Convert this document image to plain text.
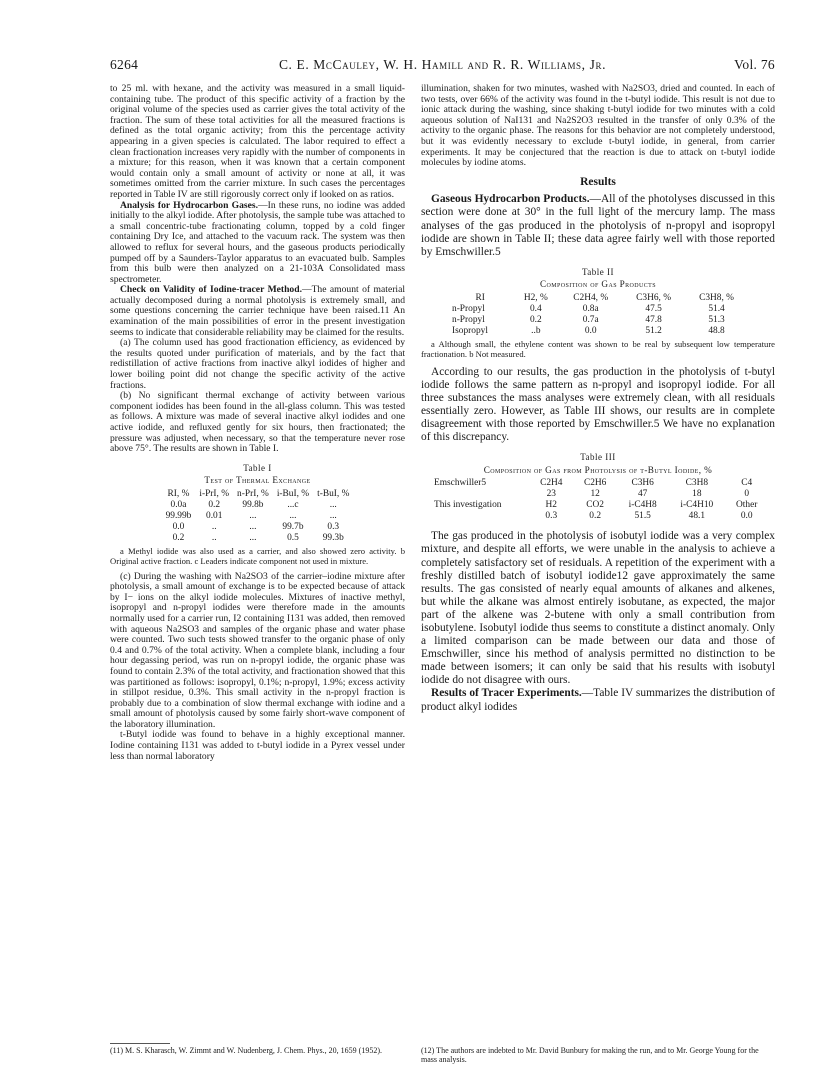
6264	C. E. McCauley, W. H. Hamill and R. R. Williams, Jr.	Vol. 76

to 25 ml. with hexane, and the activity was measured in a small liquid-containing tube. The product of this specific activity of a fraction by the original volume of the species used as carrier gives the total activity of the fraction. The sum of these total activities for all the measured fractions is defined as the total organic activity; from this the percentage activity appearing in a given species is calculated. The labor required to effect a clean fractionation increases very rapidly with the number of components in a mixture; for this reason, when it was known that a certain component would contain only a small amount of activity or none at all, it was sometimes omitted from the carrier mixture. In such cases the percentages reported in Table IV are still rigorously correct only if looked on as ratios.

Analysis for Hydrocarbon Gases.—In these runs, no iodine was added initially to the alkyl iodide. After photolysis, the sample tube was attached to a small concentric-tube fractionating column, topped by a cold finger containing Dry Ice, and attached to the vacuum rack. The system was then allowed to reflux for several hours, and the gaseous products periodically pumped off by a Saunders-Taylor apparatus to an evacuated bulb. Samples from this bulb were then analyzed on a 21-103A Consolidated mass spectrometer.

Check on Validity of Iodine-tracer Method.—The amount of material actually decomposed during a normal photolysis is extremely small, and some questions concerning the carrier technique have been raised.11 An examination of the main possibilities of error in the present investigation seems to indicate that considerable reliability may be claimed for the results.

(a) The column used has good fractionation efficiency, as evidenced by the results quoted under purification of materials, and by the fact that redistillation of active fractions from inactive alkyl iodides of higher and lower boiling point did not change the specific activity of the active fractions.

(b) No significant thermal exchange of activity between various component iodides has been found in the all-glass column. This was tested as follows. A mixture was made of several inactive alkyl iodides and one active iodide, and refluxed gently for six hours, then fractionated; the pressure was adjusted, when necessary, so that the temperature never rose above 75°. The results are shown in Table I.

Table I
Test of Thermal Exchange
RI, %	i-PrI, %	n-PrI, %	i-BuI, %	t-BuI, %
0.0a	0.2	99.8b	...c	...
99.99b	0.01	...	...	...
0.0	..	...	99.7b	0.3
0.2	..	...	0.5	99.3b
a Methyl iodide was also used as a carrier, and also showed zero activity. b Original active fraction. c Leaders indicate component not used in mixture.

(c) During the washing with Na2SO3 of the carrier–iodine mixture after photolysis, a small amount of exchange is to be expected because of attack by I− ions on the alkyl iodide molecules. Mixtures of inactive methyl, isopropyl and n-propyl iodides were therefore made in the amounts normally used for a carrier run, I2 containing I131 was added, then removed with aqueous Na2SO3 and samples of the organic phase and water phase were counted. Two such tests showed transfer to the organic phase of only 0.4 and 0.7% of the total activity. When a complete blank, including a four hour degassing period, was run on n-propyl iodide, the organic phase was found to contain 2.3% of the total activity, and fractionation showed that this was partitioned as follows: isopropyl, 0.1%; n-propyl, 1.9%; excess activity in stillpot residue, 0.3%. This small activity in the n-propyl fraction is probably due to a combination of slow thermal exchange with iodine and a small amount of photolysis caused by some fairly short-wave component of the laboratory illumination.

t-Butyl iodide was found to behave in a highly exceptional manner. Iodine containing I131 was added to t-butyl iodide in a Pyrex vessel under less than normal laboratory

illumination, shaken for two minutes, washed with Na2SO3, dried and counted. In each of two tests, over 66% of the activity was found in the t-butyl iodide. This result is not due to ionic attack during the washing, since shaking t-butyl iodide for two minutes with a cold aqueous solution of NaI131 and Na2S2O3 resulted in the transfer of only 0.3% of the activity to the organic phase. The reasons for this behavior are not completely understood, but it was evidently necessary to exclude t-butyl iodide, in general, from carrier experiments. It may be conjectured that the reaction is due to attack on t-butyl iodide molecules by iodine atoms.

Results

Gaseous Hydrocarbon Products.—All of the photolyses discussed in this section were done at 30° in the full light of the mercury lamp. The mass analyses of the gas produced in the photolysis of n-propyl and isopropyl iodide are shown in Table II; these data agree fairly well with those reported by Emschwiller.5

Table II
Composition of Gas Products
RI	H2, %	C2H4, %	C3H6, %	C3H8, %
n-Propyl	0.4	0.8a	47.5	51.4
n-Propyl	0.2	0.7a	47.8	51.3
Isopropyl	..b	0.0	51.2	48.8
a Although small, the ethylene content was shown to be real by subsequent low temperature fractionation. b Not measured.

According to our results, the gas production in the photolysis of t-butyl iodide follows the same pattern as n-propyl and isopropyl iodide. For all three substances the mass analyses were extremely clean, with all residuals essentially zero. However, as Table III shows, our results are in complete disagreement with those reported by Emschwiller.5 We have no explanation of this discrepancy.

Table III
Composition of Gas from Photolysis of t-Butyl Iodide, %
Emschwiller5	C2H4	C2H6	C3H6	C3H8	C4
	23	12	47	18	0
This investigation	H2	CO2	i-C4H8	i-C4H10	Other
	0.3	0.2	51.5	48.1	0.0

The gas produced in the photolysis of isobutyl iodide was a very complex mixture, and despite all efforts, we were unable in the analysis to achieve a completely satisfactory set of residuals. A repetition of the experiment with a freshly distilled batch of isobutyl iodide12 gave approximately the same results. The gas consisted of nearly equal amounts of alkanes and alkenes, but while the alkane was almost entirely isobutane, as expected, the major part of the alkene was 2-butene with only a small contribution from isobutylene. Isobutyl iodide thus seems to constitute a distinct anomaly. Only a limited comparison can be made between our data and those of Emschwiller, since his method of analysis permitted no distinction to be made between isomers; it can only be said that his results with isobutyl iodide do not disagree with ours.

Results of Tracer Experiments.—Table IV summarizes the distribution of product alkyl iodides

(11) M. S. Kharasch, W. Zimmt and W. Nudenberg, J. Chem. Phys., 20, 1659 (1952).	(12) The authors are indebted to Mr. David Bunbury for making the run, and to Mr. George Young for the mass analysis.
